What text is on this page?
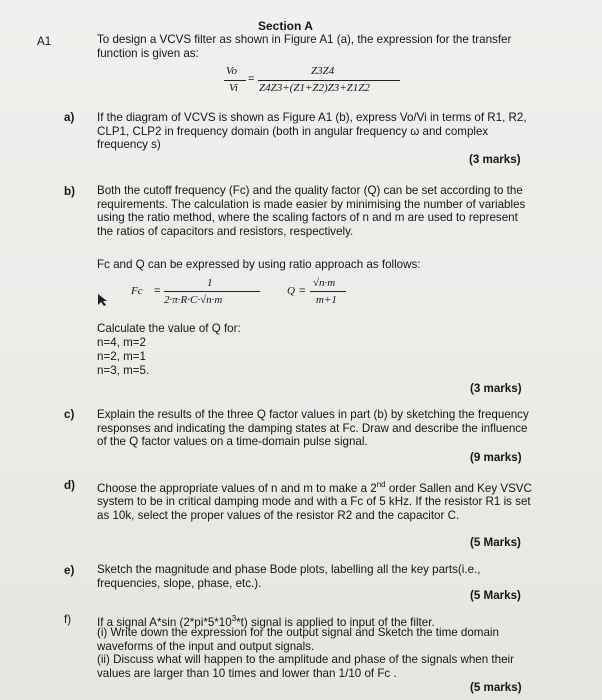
Section A
A1	To design a VCVS filter as shown in Figure A1 (a), the expression for the transfer function is given as:
Vo
Vi
=
Z3Z4
Z4Z3+(Z1+Z2)Z3+Z1Z2
a) If the diagram of VCVS is shown as Figure A1 (b), express Vo/Vi in terms of R1, R2, CLP1, CLP2 in frequency domain (both in angular frequency ω and complex frequency s)
(3 marks)
b) Both the cutoff frequency (Fc) and the quality factor (Q) can be set according to the requirements. The calculation is made easier by minimising the number of variables using the ratio method, where the scaling factors of n and m are used to represent the ratios of capacitors and resistors, respectively.
Fc and Q can be expressed by using ratio approach as follows:
Fc =
1
2·π·R·C·√n·m
Q =
√n·m
m+1
Calculate the value of Q for:
n=4, m=2
n=2, m=1
n=3, m=5.
(3 marks)
c) Explain the results of the three Q factor values in part (b) by sketching the frequency responses and indicating the damping states at Fc. Draw and describe the influence of the Q factor values on a time-domain pulse signal.
(9 marks)
d) Choose the appropriate values of n and m to make a 2nd order Sallen and Key VSVC system to be in critical damping mode and with a Fc of 5 kHz. If the resistor R1 is set as 10k, select the proper values of the resistor R2 and the capacitor C.
(5 Marks)
e) Sketch the magnitude and phase Bode plots, labelling all the key parts(i.e., frequencies, slope, phase, etc.).
(5 Marks)
f) If a signal A*sin $(2*pi*5*10^3*t)$ signal is applied to input of the filter.
(i) Write down the expression for the output signal and Sketch the time domain waveforms of the input and output signals.
(ii) Discuss what will happen to the amplitude and phase of the signals when their values are larger than 10 times and lower than 1/10 of Fc .
(5 marks)
